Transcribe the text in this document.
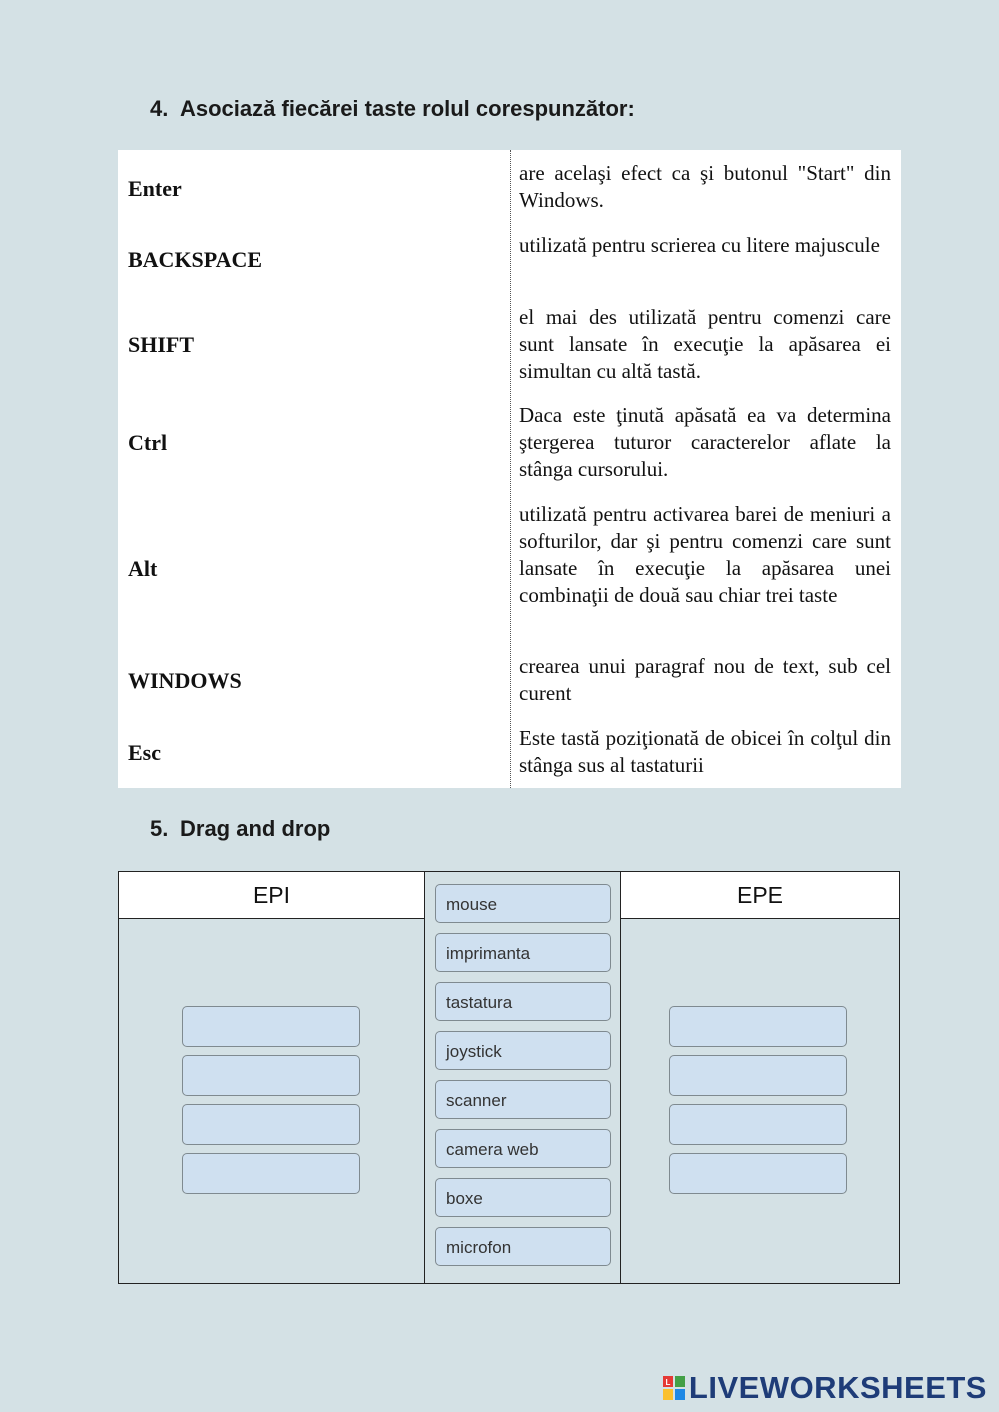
4. Asociază fiecărei taste rolul corespunzător:
Enter
are acelaşi efect ca şi butonul "Start" din Windows.
BACKSPACE
utilizată pentru scrierea cu litere majuscule
SHIFT
el mai des utilizată pentru comenzi care sunt lansate în execuţie la apăsarea ei simultan cu altă tastă.
Ctrl
Daca este ţinută apăsată ea va determina ştergerea tuturor caracterelor aflate la stânga cursorului.
Alt
utilizată pentru activarea barei de meniuri a softurilor, dar şi pentru comenzi care sunt lansate în execuţie la apăsarea unei combinaţii de două sau chiar trei taste
WINDOWS
crearea unui paragraf nou de text, sub cel curent
Esc
Este tastă poziţionată de obicei în colţul din stânga sus al tastaturii
5. Drag and drop
EPI	mouse
imprimanta
tastatura
joystick
scanner
camera web
boxe
microfon
EPE
L LIVEWORKSHEETS
